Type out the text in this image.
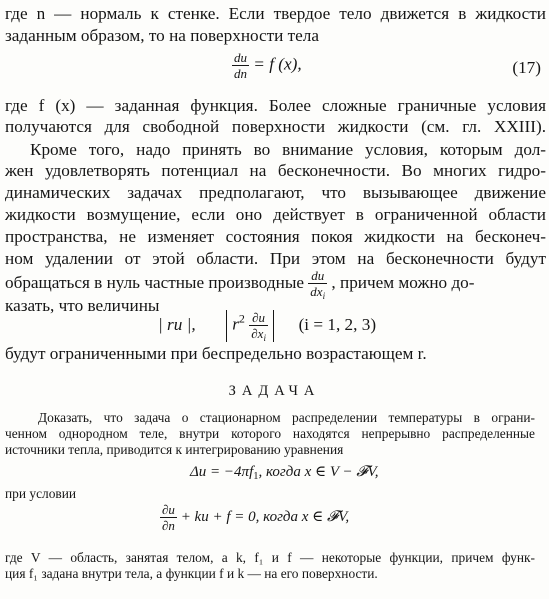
где n — нормаль к стенке. Если твердое тело движется в жидкости
заданным образом, то на поверхности тела
$\frac{du}{dn} = f$ (x),	(17)
где f (x) — заданная функция. Более сложные граничные условия
получаются для свободной поверхности жидкости (см. гл. XXIII).
Кроме того, надо принять во внимание условия, которым дол-
жен удовлетворять потенциал на бесконечности. Во многих гидро-
динамических задачах предполагают, что вызывающее движение
жидкости возмущение, если оно действует в ограниченной области
пространства, не изменяет состояния покоя жидкости на бесконеч-
ном удалении от этой области. При этом на бесконечности будут
обращаться в нуль частные производные $\frac{du}{dx_i}$ , причем можно до-
казать, что величины
| ru |, $r^2 \frac{\partial u}{\partial x_i} (i = 1$, 2, 3)
будут ограниченными при беспредельно возрастающем r.
ЗАДАЧА
Доказать, что задача о стационарном распределении температуры в ограни-
ченном однородном теле, внутри которого находятся непрерывно распределенные
источники тепла, приводится к интегрированию уравнения
$\Delta u = -4\pi f_1$, когда x ∈ V − 𝓕V,
при условии
$\frac{\partial u}{\partial n}$ + ku + f = 0, когда x ∈ 𝓕V,
где V — область, занятая телом, а k, f₁ и f — некоторые функции, причем функ-
ция f₁ задана внутри тела, а функции f и k — на его поверхности.
